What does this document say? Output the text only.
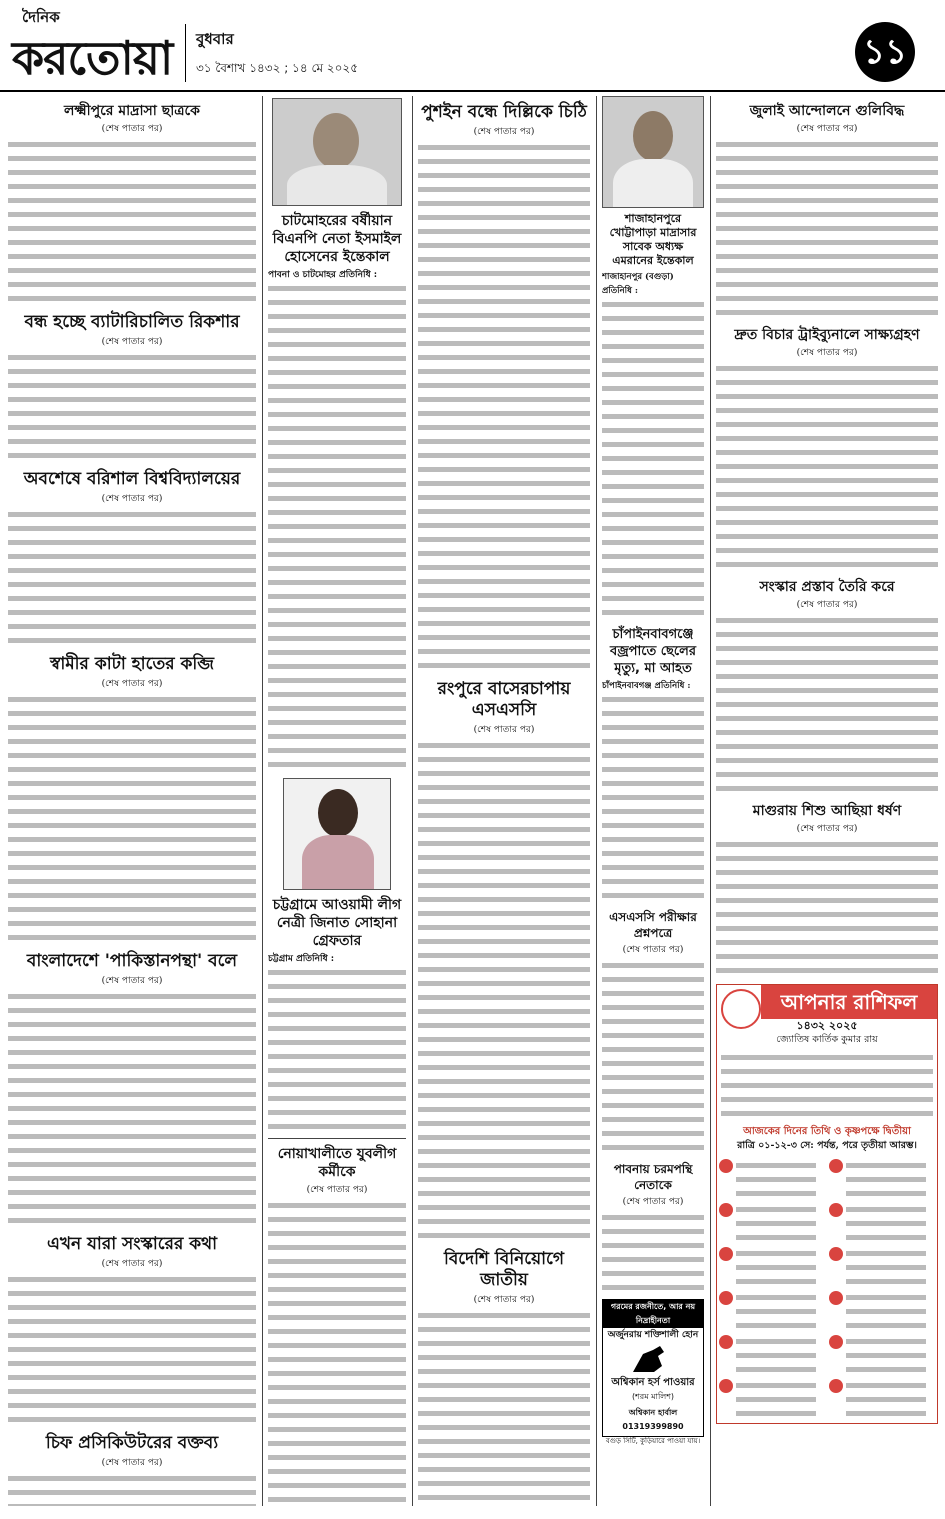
দৈনিক
করতোয়া বুধবার
৩১ বৈশাখ ১৪৩২ ; ১৪ মে ২০২৫	১১
লক্ষ্মীপুরে মাদ্রাসা ছাত্রকে
(শেষ পাতার পর)
বন্ধ হচ্ছে ব্যাটারিচালিত রিকশার
(শেষ পাতার পর)
অবশেষে বরিশাল বিশ্ববিদ্যালয়ের
(শেষ পাতার পর)
স্বামীর কাটা হাতের কব্জি
(শেষ পাতার পর)
বাংলাদেশে 'পাকিস্তানপন্থা' বলে
(শেষ পাতার পর)
এখন যারা সংস্কারের কথা
(শেষ পাতার পর)
চিফ প্রসিকিউটরের বক্তব্য
(শেষ পাতার পর)
চাটমোহরের বর্ষীয়ান বিএনপি নেতা ইসমাইল হোসেনের ইন্তেকাল
পাবনা ও চাটমোহর প্রতিনিধি :
চট্টগ্রামে আওয়ামী লীগ নেত্রী জিনাত সোহানা গ্রেফতার
চট্টগ্রাম প্রতিনিধি :
নোয়াখালীতে যুবলীগ কর্মীকে
(শেষ পাতার পর)
পুশইন বন্ধে দিল্লিকে চিঠি
(শেষ পাতার পর)
রংপুরে বাসেরচাপায় এসএসসি
(শেষ পাতার পর)
বিদেশি বিনিয়োগে জাতীয়
(শেষ পাতার পর)
শাজাহানপুরে খোট্টাপাড়া মাদ্রাসার সাবেক অধ্যক্ষ এমরানের ইন্তেকাল
শাজাহানপুর (বগুড়া) প্রতিনিধি :
চাঁপাইনবাবগঞ্জে বজ্রপাতে ছেলের মৃত্যু, মা আহত
চাঁপাইনবাবগঞ্জ প্রতিনিধি :
এসএসসি পরীক্ষার প্রশ্নপত্রে
(শেষ পাতার পর)
পাবনায় চরমপন্থি নেতাকে
(শেষ পাতার পর)
গরমের রজনীতে, আর নয় নিদ্রাহীনতা
অর্জুনরায় শক্তিশালী হোন
অশ্বিকান হর্স পাওয়ার
(শরম মালিশ)
অশ্বিকান হার্বাল 01319399890
বগুড় সিটি, কুড়িয়ারে পাওয়া যায়।
জুলাই আন্দোলনে গুলিবিদ্ধ
(শেষ পাতার পর)
দ্রুত বিচার ট্রাইব্যুনালে সাক্ষ্যগ্রহণ
(শেষ পাতার পর)
সংস্কার প্রস্তাব তৈরি করে
(শেষ পাতার পর)
মাগুরায় শিশু আছিয়া ধর্ষণ
(শেষ পাতার পর)
আপনার রাশিফল
১৪৩২ ২০২৫
জ্যোতিষ কার্তিক কুমার রায়
আজকের দিনের তিথি ও কৃষ্ণপক্ষে দ্বিতীয়া
রাত্রি ০১-১২-৩ সে: পর্যন্ত, পরে তৃতীয়া আরম্ভ।
